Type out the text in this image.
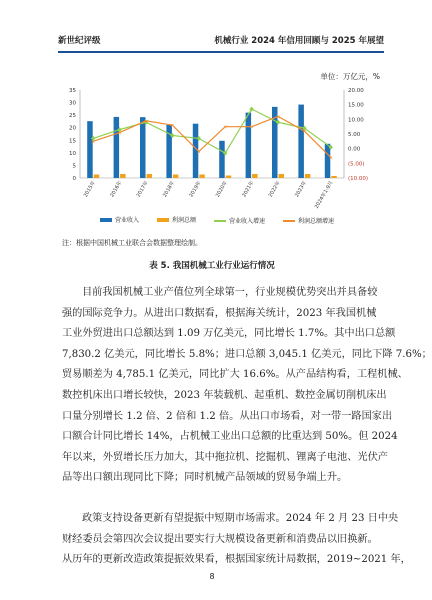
新世纪评级	机械行业 2024 年信用回顾与 2025 年展望
单位：万亿元，%
0
5
10
15
20
25
30
35
(10.00)
(5.00)
0.00
5.00
10.00
15.00
20.00
×
×
×
×
×
×	×
×
×
×
2015年 2016年 2017年 2018年 2019年 2020年 2021年 2022年 2023年 2024年1-9月
营业收入	利润总额	营业收入增速	利润总额增速
注：根据中国机械工业联合会数据整理绘制。
表 5. 我国机械工业行业运行情况
目前我国机械工业产值位列全球第一，行业规模优势突出并具备较
强的国际竞争力。从进出口数据看，根据海关统计，2023 年我国机械
工业外贸进出口总额达到 1.09 万亿美元，同比增长 1.7%。其中出口总额
7,830.2 亿美元，同比增长 5.8%；进口总额 3,045.1 亿美元，同比下降 7.6%；
贸易顺差为 4,785.1 亿美元，同比扩大 16.6%。从产品结构看，工程机械、
数控机床出口增长较快，2023 年装载机、起重机、数控金属切削机床出
口量分别增长 1.2 倍、2 倍和 1.2 倍。从出口市场看，对一带一路国家出
口额合计同比增长 14%，占机械工业出口总额的比重达到 50%。但 2024
年以来，外贸增长压力加大，其中拖拉机、挖掘机、锂离子电池、光伏产
品等出口额出现同比下降；同时机械产品领域的贸易争端上升。
政策支持设备更新有望提振中短期市场需求。2024 年 2 月 23 日中央
财经委员会第四次会议提出要实行大规模设备更新和消费品以旧换新。
从历年的更新改造政策提振效果看，根据国家统计局数据，2019~2021 年，
8
